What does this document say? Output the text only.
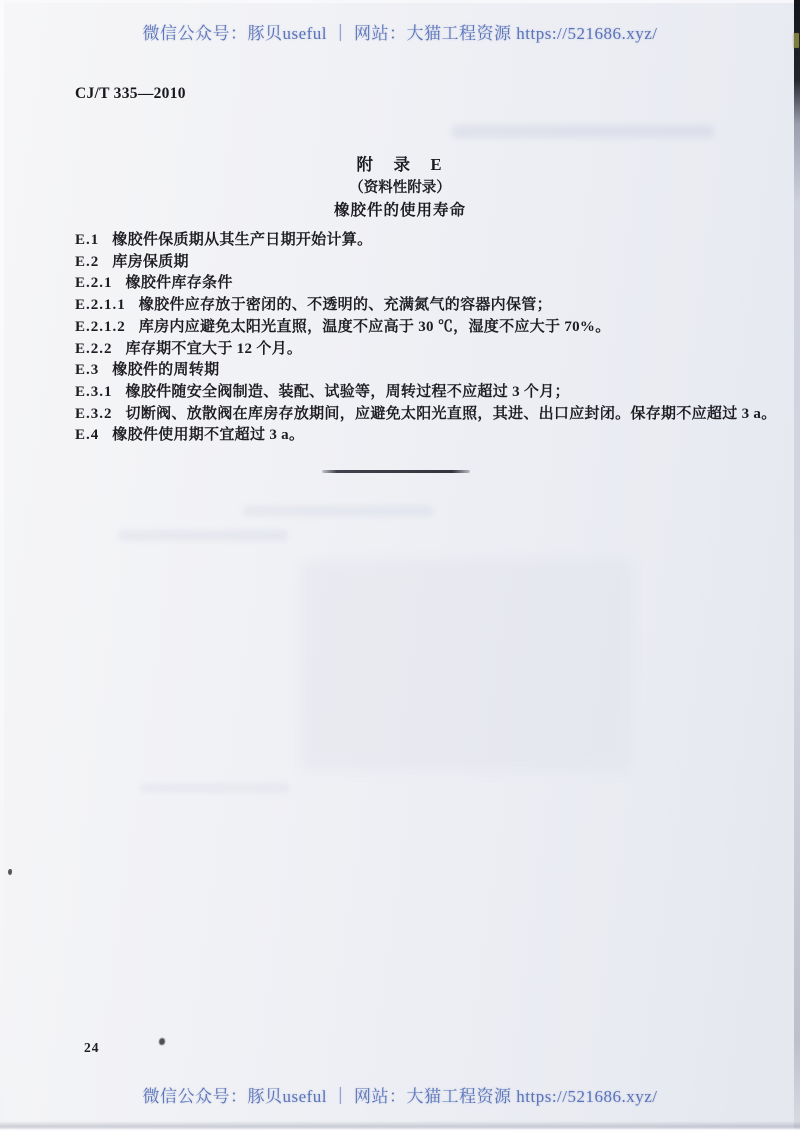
微信公众号：豚贝useful ｜ 网站：大猫工程资源 https://521686.xyz/
CJ/T 335—2010
附　录　E
（资料性附录）
橡胶件的使用寿命
E.1 橡胶件保质期从其生产日期开始计算。
E.2 库房保质期
E.2.1 橡胶件库存条件
E.2.1.1 橡胶件应存放于密闭的、不透明的、充满氮气的容器内保管；
E.2.1.2 库房内应避免太阳光直照，温度不应高于 30 ℃，湿度不应大于 70%。
E.2.2 库存期不宜大于 12 个月。
E.3 橡胶件的周转期
E.3.1 橡胶件随安全阀制造、装配、试验等，周转过程不应超过 3 个月；
E.3.2 切断阀、放散阀在库房存放期间，应避免太阳光直照，其进、出口应封闭。保存期不应超过 3 a。
E.4 橡胶件使用期不宜超过 3 a。
24
微信公众号：豚贝useful ｜ 网站：大猫工程资源 https://521686.xyz/
